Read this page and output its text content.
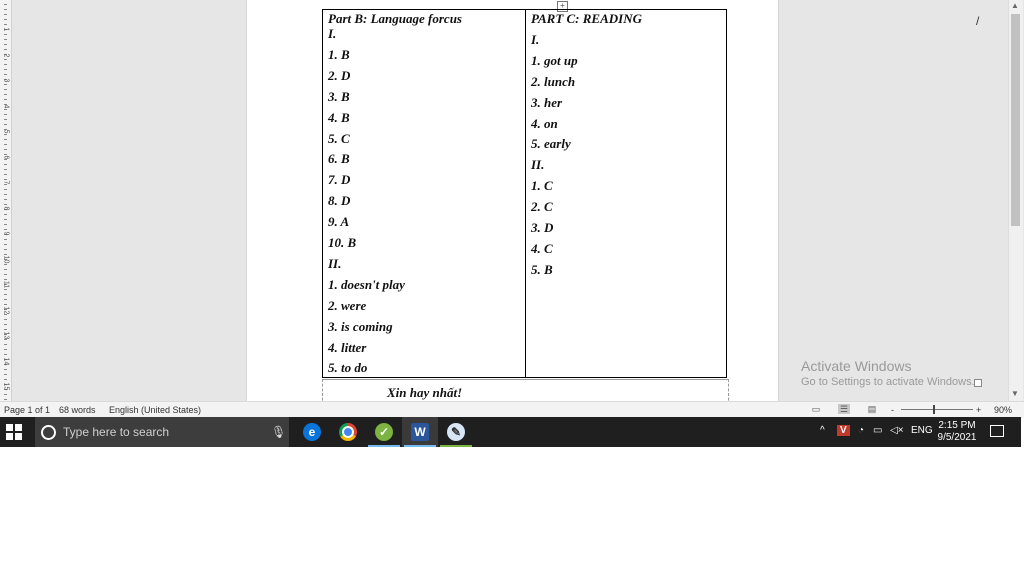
1
2
3
4
5
6
7
8
9
10
11
12
13
14
15
+
Part B: Language forcus
I.
1. B
2. D
3. B
4. B
5. C
6. B
7. D
8. D
9. A
10. B
II.
1. doesn't play
2. were
3. is coming
4. litter
5. to do
PART C: READING
I.
1. got up
2. lunch
3. her
4. on
5. early
II.
1. C
2. C
3. D
4. C
5. B
/
Xin hay nhất!
Activate Windows
Go to Settings to activate Windows.
▲
▼
Page 1 of 1 68 words English (United States)	▭ ☰ ▤ -	+ 90%
Type here to search	🎙	e	✓	W	✎	^	V	◔ ▭ ◁× ENG 2:15 PM
9/5/2021
